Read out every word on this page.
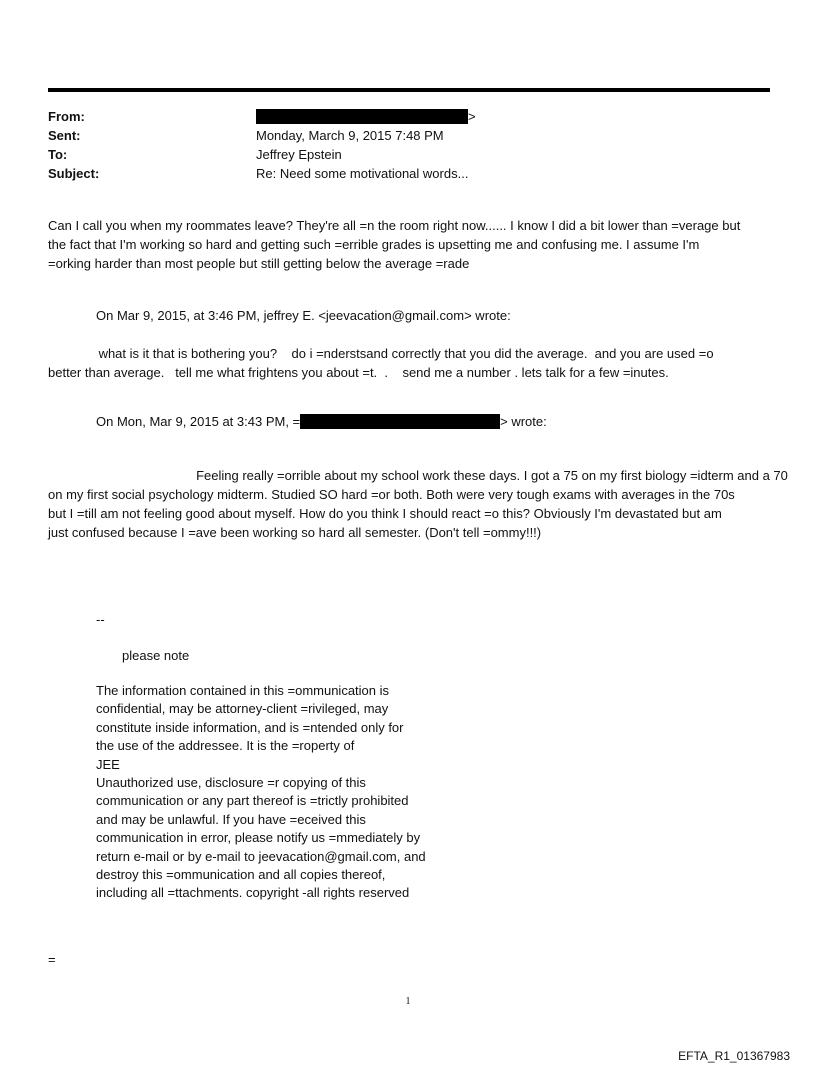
From:	>
Sent:	Monday, March 9, 2015 7:48 PM
To:	Jeffrey Epstein
Subject:	Re: Need some motivational words...
Can I call you when my roommates leave? They're all =n the room right now...... I know I did a bit lower than =verage but
the fact that I'm working so hard and getting such =errible grades is upsetting me and confusing me. I assume I'm
=orking harder than most people but still getting below the average =rade
On Mar 9, 2015, at 3:46 PM, jeffrey E. <jeevacation@gmail.com> wrote:
what is it that is bothering you?    do i =nderstsand correctly that you did the average.  and you are used =o
better than average.   tell me what frightens you about =t.  .    send me a number . lets talk for a few =inutes.
On Mon, Mar 9, 2015 at 3:43 PM, =	> wrote:
Feeling really =orrible about my school work these days. I got a 75 on my first biology =idterm and a 70
on my first social psychology midterm. Studied SO hard =or both. Both were very tough exams with averages in the 70s
but I =till am not feeling good about myself. How do you think I should react =o this? Obviously I'm devastated but am
just confused because I =ave been working so hard all semester. (Don't tell =ommy!!!)
--
please note
The information contained in this =ommunication is
confidential, may be attorney-client =rivileged, may
constitute inside information, and is =ntended only for
the use of the addressee. It is the =roperty of
JEE
Unauthorized use, disclosure =r copying of this
communication or any part thereof is =trictly prohibited
and may be unlawful. If you have =eceived this
communication in error, please notify us =mmediately by
return e-mail or by e-mail to jeevacation@gmail.com, and
destroy this =ommunication and all copies thereof,
including all =ttachments. copyright -all rights reserved
=
1
EFTA_R1_01367983
